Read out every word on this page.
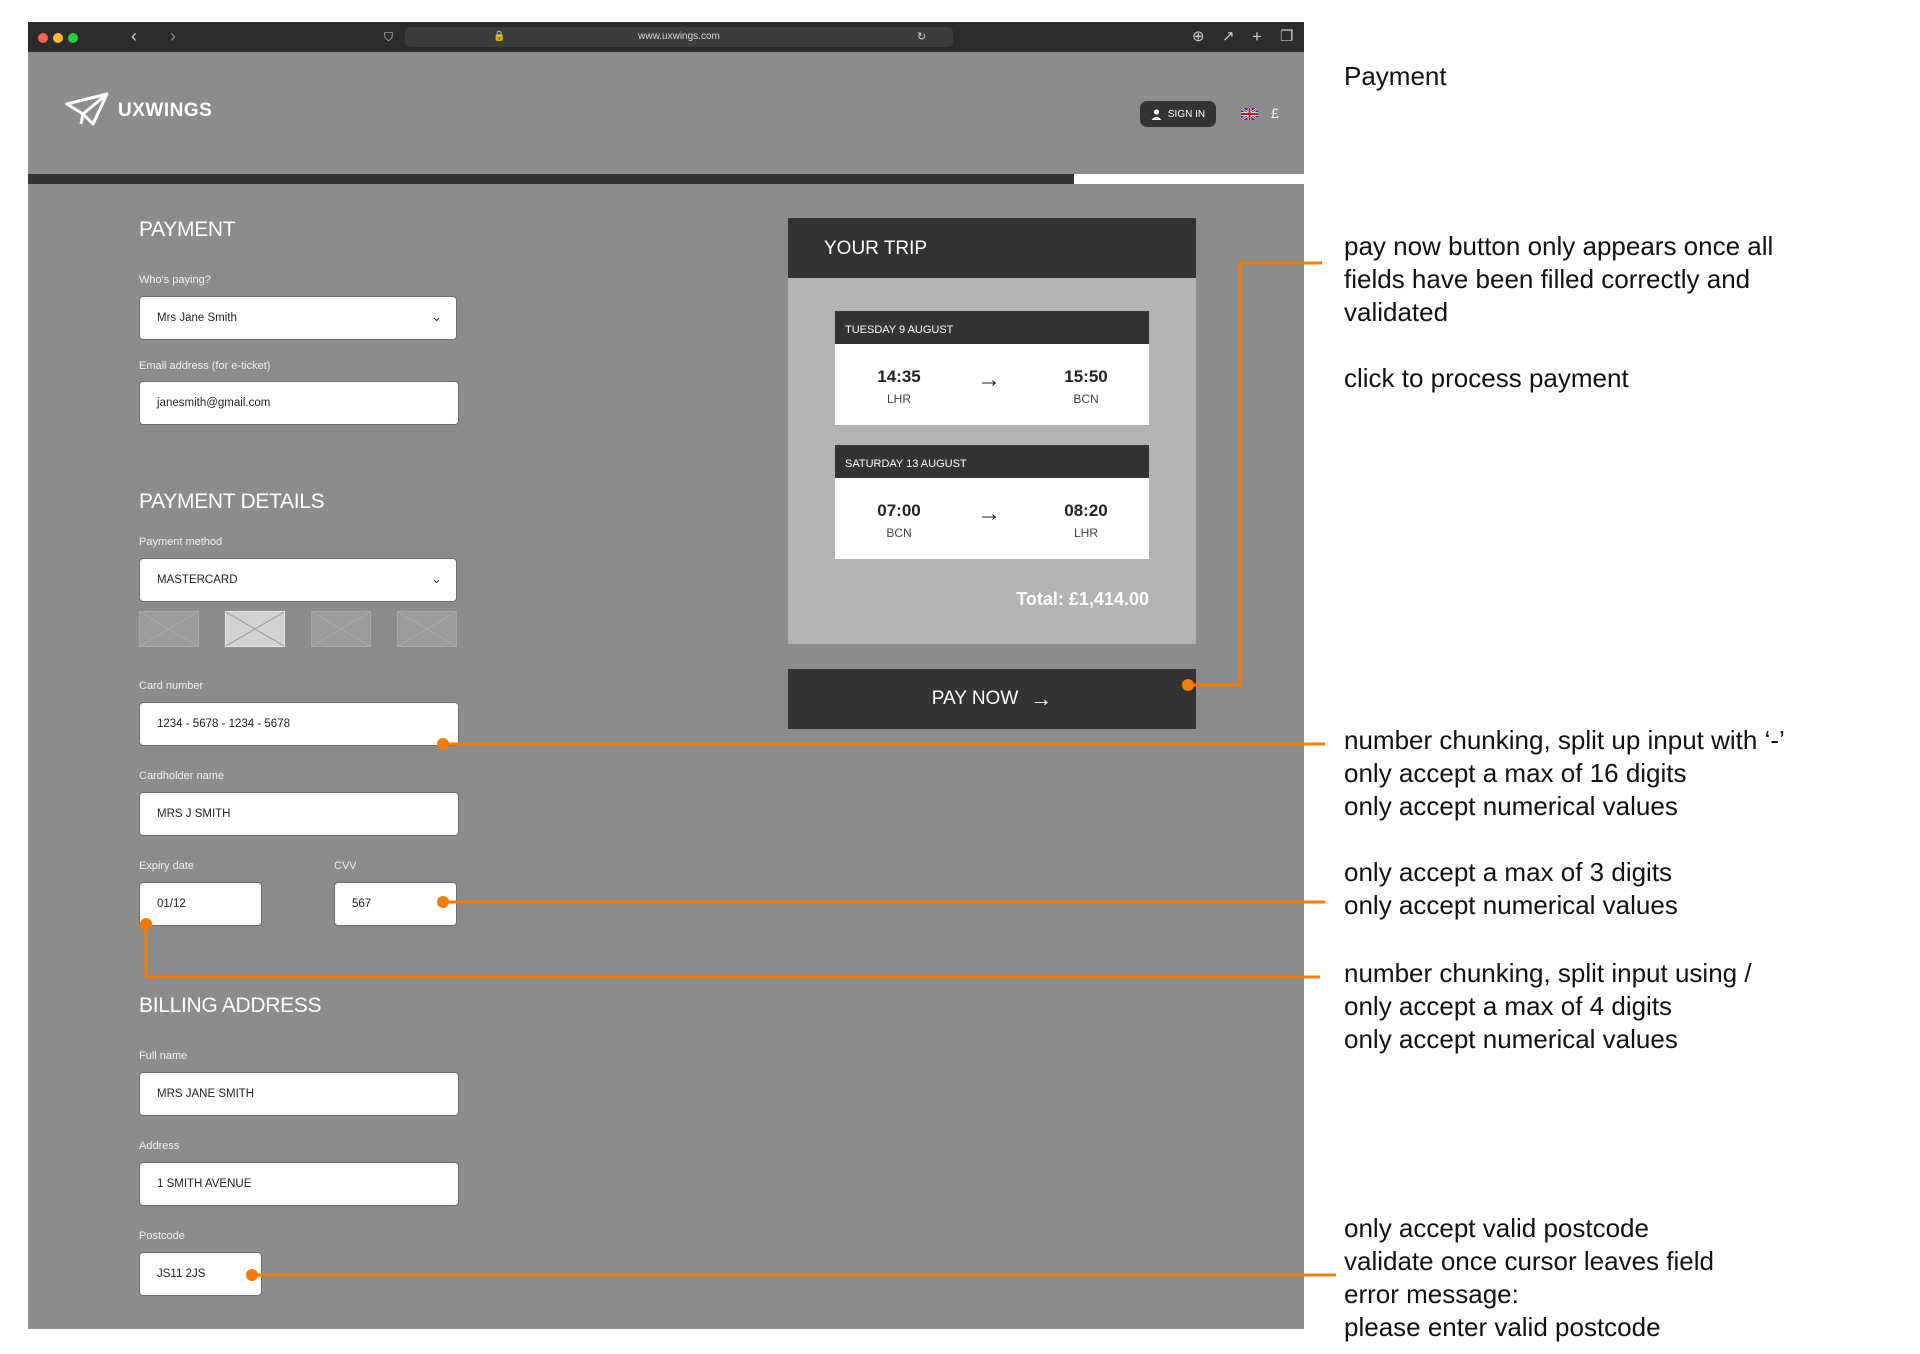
‹ ›	⛉	🔒	www.uxwings.com	↻	⊕ ↗ + ❐
UXWINGS	SIGN IN	£
PAYMENT
Who's paying?
Mrs Jane Smith	⌄
Email address (for e-ticket)
janesmith@gmail.com
PAYMENT DETAILS
Payment method
MASTERCARD	⌄
Card number
1234 - 5678 - 1234 - 5678
Cardholder name
MRS J SMITH
Expiry date
01/12
CVV
567
BILLING ADDRESS
Full name
MRS JANE SMITH
Address
1 SMITH AVENUE
Postcode
JS11 2JS
YOUR TRIP
TUESDAY 9 AUGUST
14:35
LHR
→	15:50
BCN
SATURDAY 13 AUGUST
07:00
BCN
→	08:20
LHR
Total: £1,414.00
PAY NOW →
Payment
pay now button only appears once all
fields have been filled correctly and
validated
click to process payment
number chunking, split up input with ‘-’
only accept a max of 16 digits
only accept numerical values
only accept a max of 3 digits
only accept numerical values
number chunking, split input using /
only accept a max of 4 digits
only accept numerical values
only accept valid postcode
validate once cursor leaves field
error message:
please enter valid postcode
